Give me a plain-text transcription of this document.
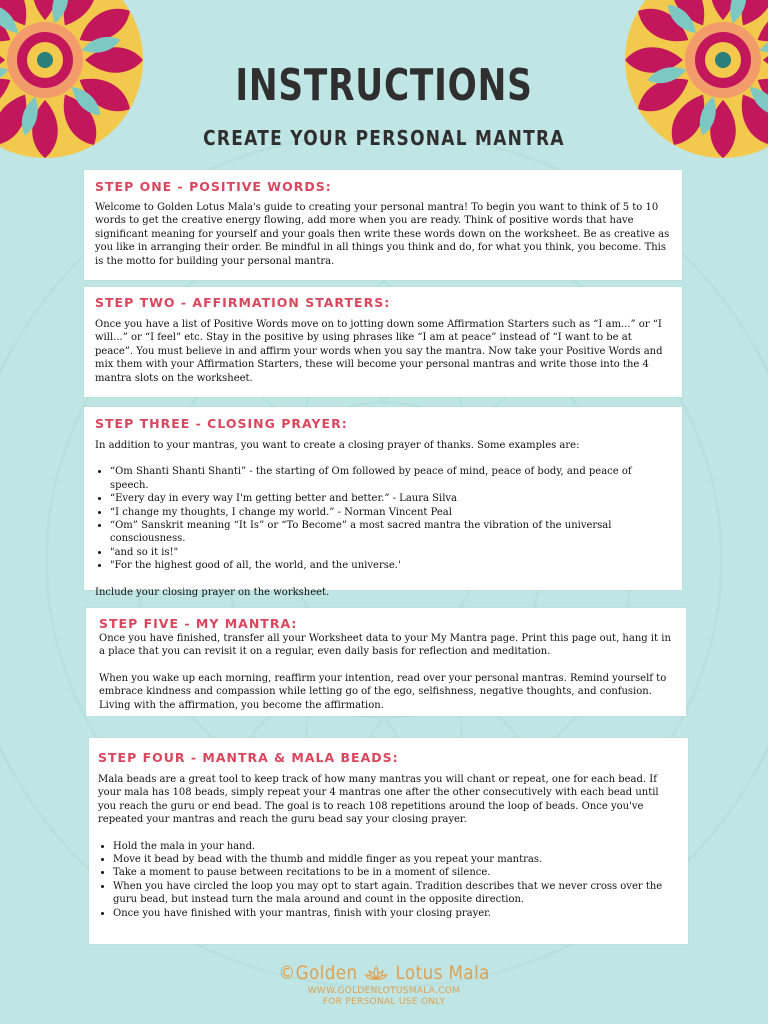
INSTRUCTIONS
CREATE YOUR PERSONAL MANTRA
STEP ONE - POSITIVE WORDS:

Welcome to Golden Lotus Mala's guide to creating your personal mantra! To begin you want to think of 5 to 10 words to get the creative energy flowing, add more when you are ready. Think of positive words that have significant meaning for yourself and your goals then write these words down on the worksheet. Be as creative as you like in arranging their order. Be mindful in all things you think and do, for what you think, you become. This is the motto for building your personal mantra.

STEP TWO - AFFIRMATION STARTERS:

Once you have a list of Positive Words move on to jotting down some Affirmation Starters such as “I am...” or “I will...” or “I feel” etc. Stay in the positive by using phrases like “I am at peace” instead of “I want to be at peace”. You must believe in and affirm your words when you say the mantra. Now take your Positive Words and mix them with your Affirmation Starters, these will become your personal mantras and write those into the 4 mantra slots on the worksheet.

STEP THREE - CLOSING PRAYER:

In addition to your mantras, you want to create a closing prayer of thanks. Some examples are:

• “Om Shanti Shanti Shanti” - the starting of Om followed by peace of mind, peace of body, and peace of speech.
• “Every day in every way I'm getting better and better.” - Laura Silva
• “I change my thoughts, I change my world.” - Norman Vincent Peal
• “Om” Sanskrit meaning “It Is” or “To Become” a most sacred mantra the vibration of the universal consciousness.
• "and so it is!"
• "For the highest good of all, the world, and the universe.'

Include your closing prayer on the worksheet.

STEP FIVE - MY MANTRA:

Once you have finished, transfer all your Worksheet data to your My Mantra page. Print this page out, hang it in a place that you can revisit it on a regular, even daily basis for reflection and meditation.

When you wake up each morning, reaffirm your intention, read over your personal mantras. Remind yourself to embrace kindness and compassion while letting go of the ego, selfishness, negative thoughts, and confusion. Living with the affirmation, you become the affirmation.

STEP FOUR - MANTRA & MALA BEADS:

Mala beads are a great tool to keep track of how many mantras you will chant or repeat, one for each bead. If your mala has 108 beads, simply repeat your 4 mantras one after the other consecutively with each bead until you reach the guru or end bead. The goal is to reach 108 repetitions around the loop of beads. Once you've repeated your mantras and reach the guru bead say your closing prayer.

• Hold the mala in your hand.
• Move it bead by bead with the thumb and middle finger as you repeat your mantras.
• Take a moment to pause between recitations to be in a moment of silence.
• When you have circled the loop you may opt to start again. Tradition describes that we never cross over the guru bead, but instead turn the mala around and count in the opposite direction.
• Once you have finished with your mantras, finish with your closing prayer.
©Golden Lotus Mala
WWW.GOLDENLOTUSMALA.COM
FOR PERSONAL USE ONLY
